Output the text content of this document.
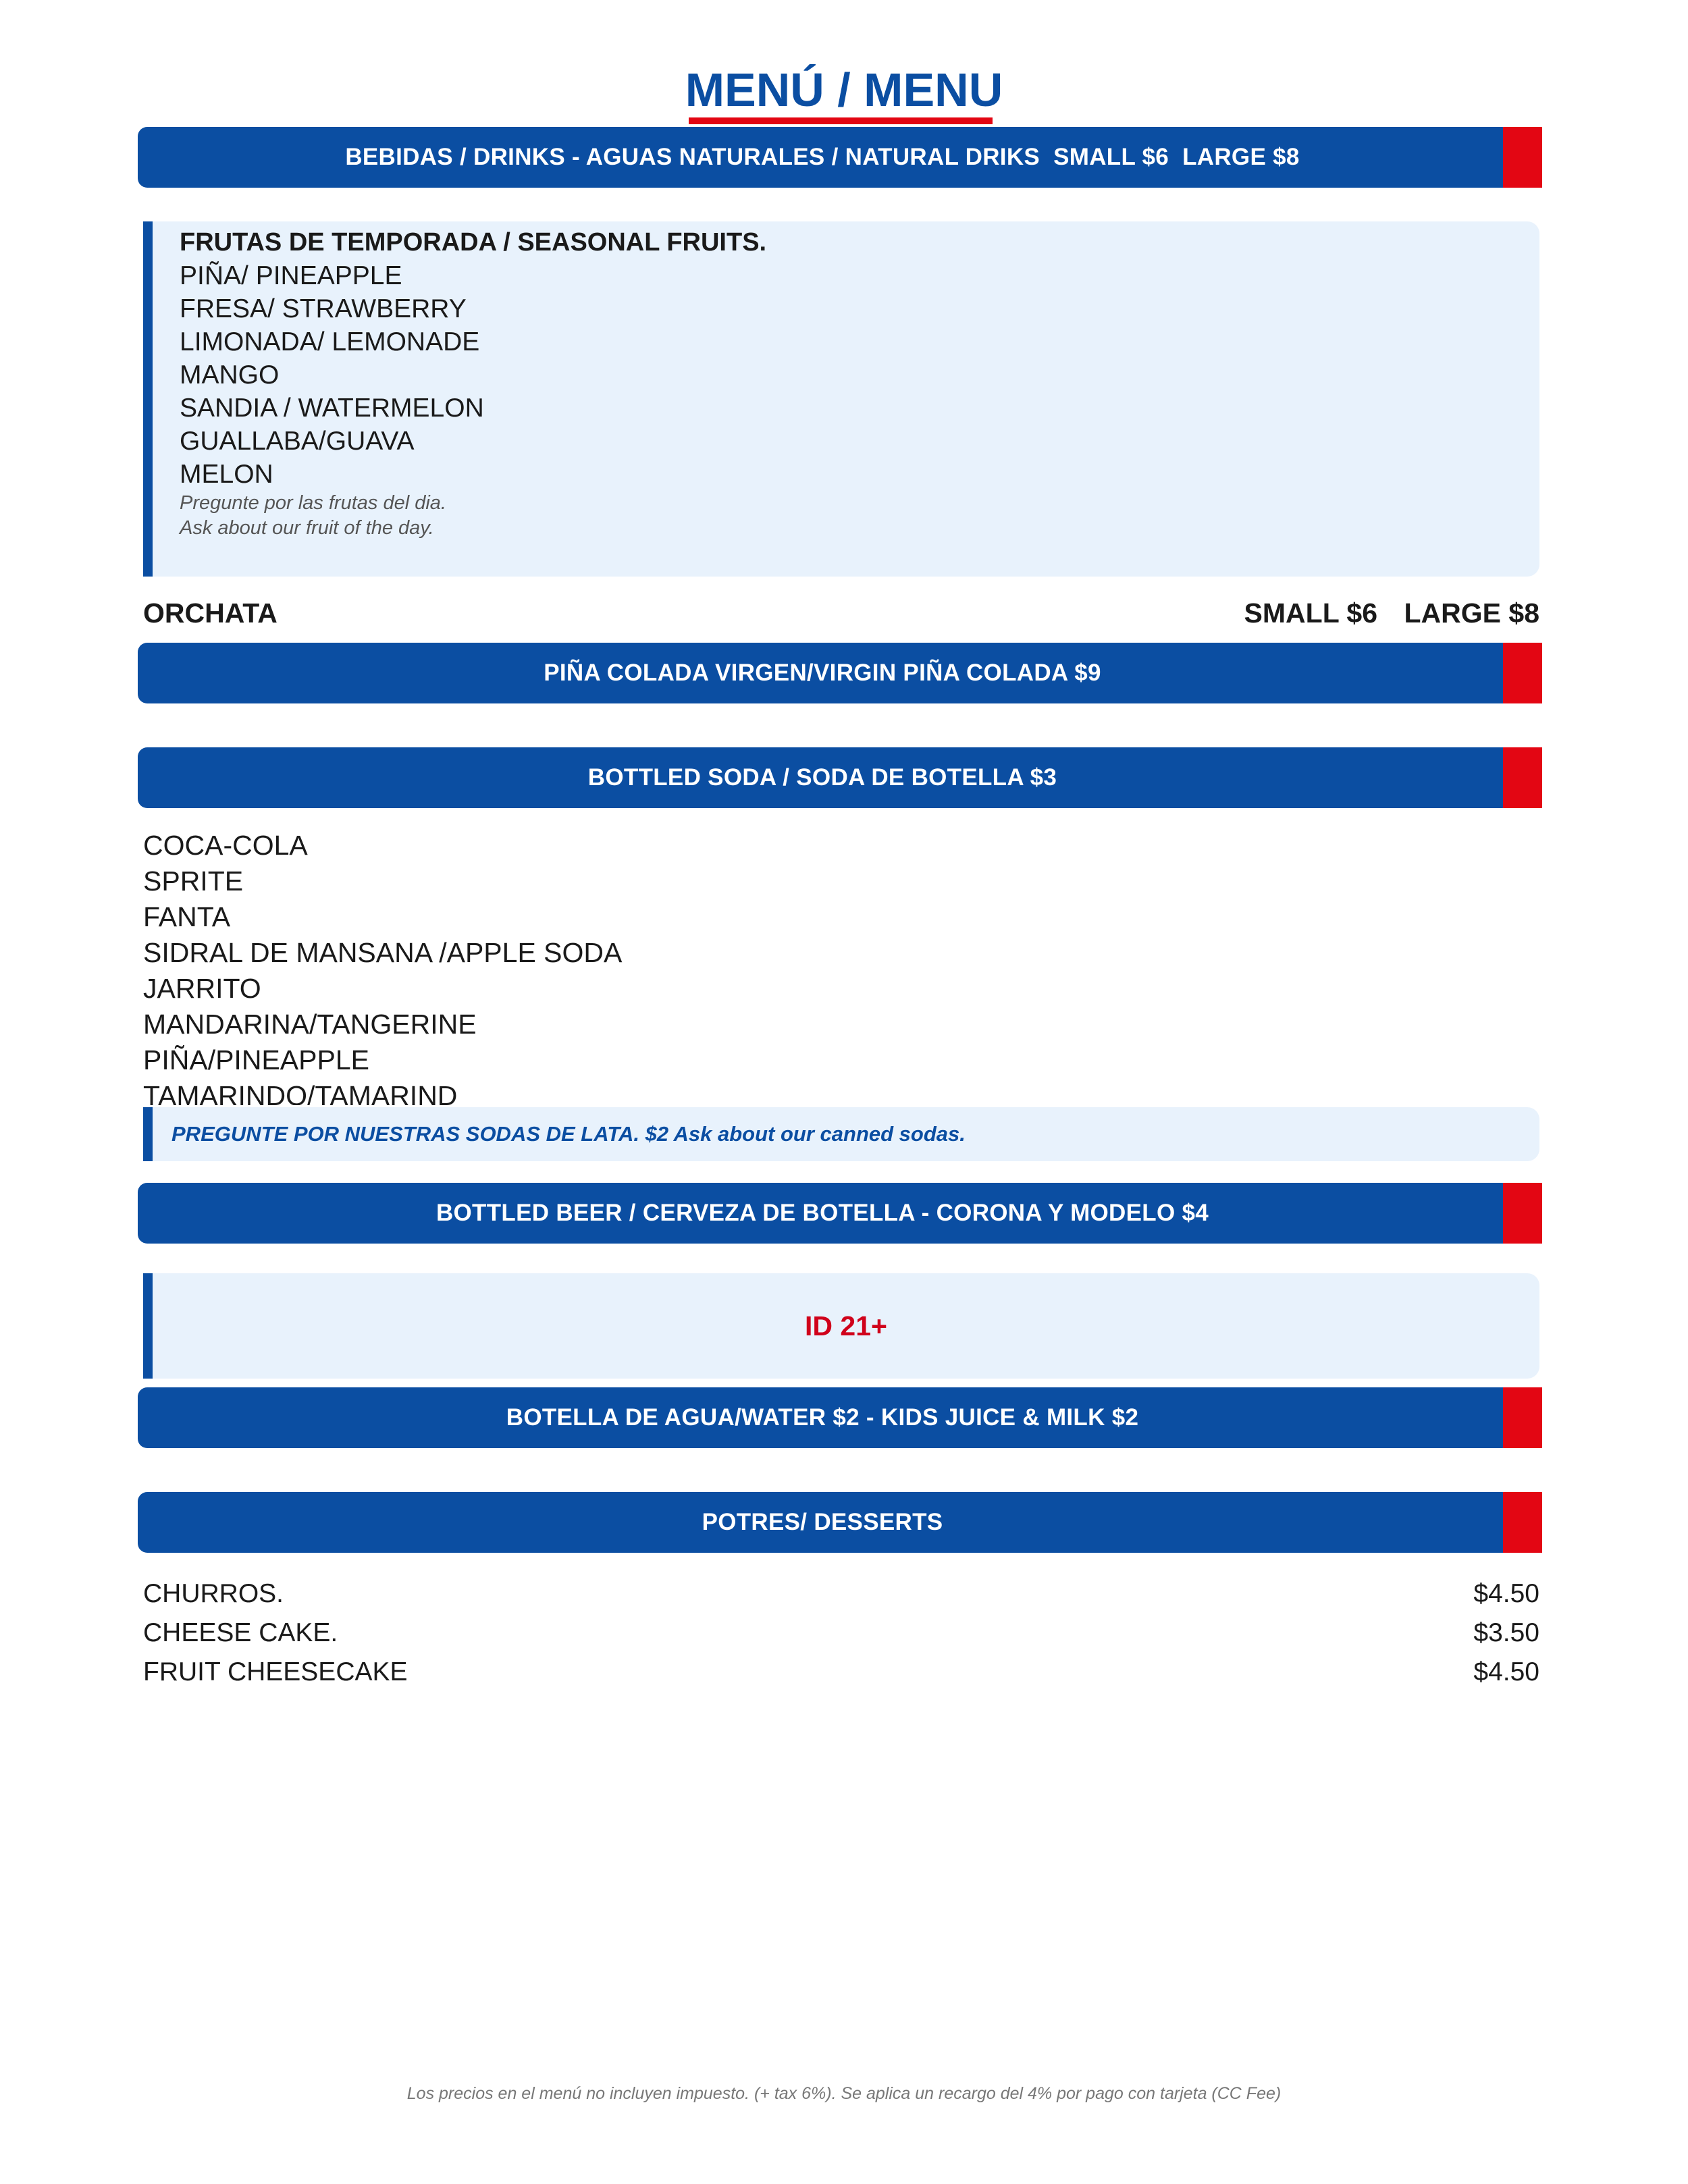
MENÚ / MENU
BEBIDAS / DRINKS - AGUAS NATURALES / NATURAL DRIKS  SMALL $6  LARGE $8
FRUTAS DE TEMPORADA / SEASONAL FRUITS.
PIÑA/ PINEAPPLE
FRESA/ STRAWBERRY
LIMONADA/ LEMONADE
MANGO
SANDIA / WATERMELON
GUALLABA/GUAVA
MELON
Pregunte por las frutas del dia.
Ask about our fruit of the day.
ORCHATA	SMALL $6 LARGE $8
PIÑA COLADA VIRGEN/VIRGIN PIÑA COLADA $9
BOTTLED SODA / SODA DE BOTELLA $3
COCA-COLA
SPRITE
FANTA
SIDRAL DE MANSANA /APPLE SODA
JARRITO
MANDARINA/TANGERINE
PIÑA/PINEAPPLE
TAMARINDO/TAMARIND
PREGUNTE POR NUESTRAS SODAS DE LATA. $2 Ask about our canned sodas.
BOTTLED BEER / CERVEZA DE BOTELLA - CORONA Y MODELO $4
ID 21+
BOTELLA DE AGUA/WATER $2 - KIDS JUICE & MILK $2
POTRES/ DESSERTS
CHURROS.	$4.50
CHEESE CAKE.	$3.50
FRUIT CHEESECAKE	$4.50
Los precios en el menú no incluyen impuesto. (+ tax 6%). Se aplica un recargo del 4% por pago con tarjeta (CC Fee)
